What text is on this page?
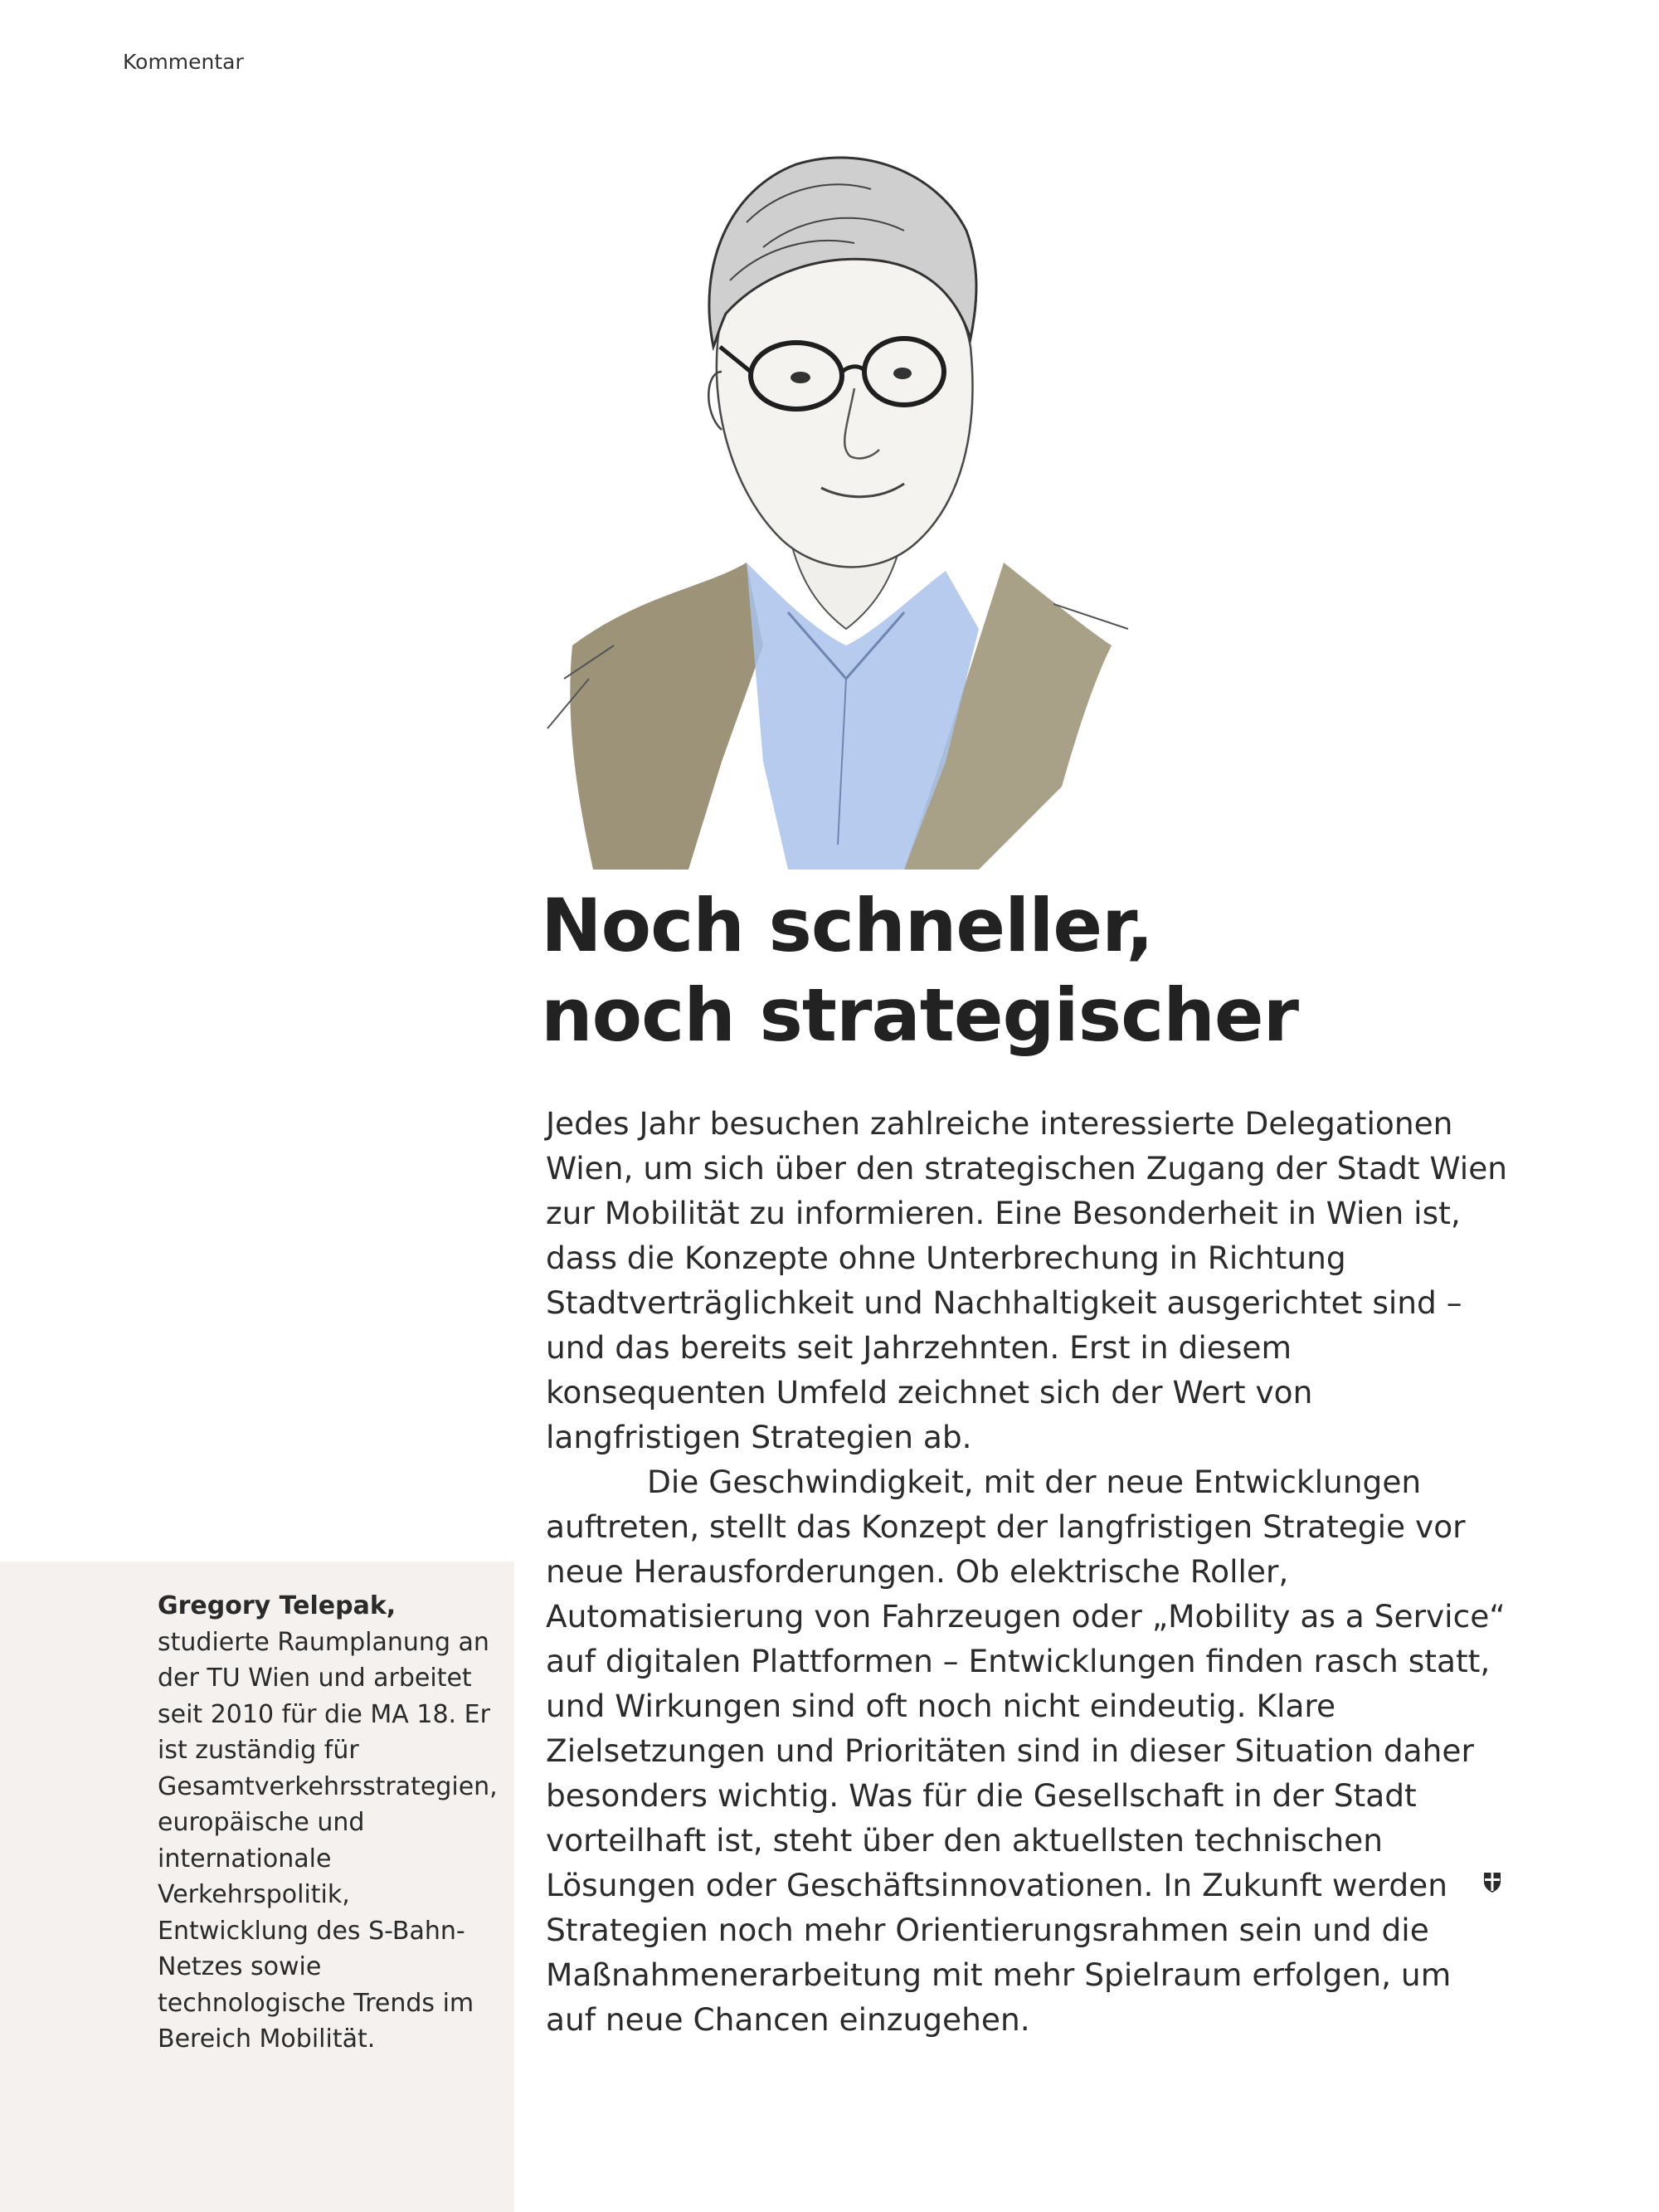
Kommentar
Noch schneller,
noch strategischer

Jedes Jahr besuchen zahlreiche interessierte Delegationen Wien, um sich über den strategischen Zugang der Stadt Wien zur Mobilität zu informieren. Eine Besonderheit in Wien ist, dass die Konzepte ohne Unterbrechung in Richtung Stadtverträglichkeit und Nachhaltigkeit ausgerichtet sind – und das bereits seit Jahrzehnten. Erst in diesem konsequenten Umfeld zeichnet sich der Wert von langfristigen Strategien ab.

Die Geschwindigkeit, mit der neue Entwicklungen auftreten, stellt das Konzept der langfristigen Strategie vor neue Herausforderungen. Ob elektrische Roller, Automatisierung von Fahrzeugen oder „Mobility as a Service“ auf digitalen Plattformen – Entwicklungen finden rasch statt, und Wirkungen sind oft noch nicht eindeutig. Klare Zielsetzungen und Prioritäten sind in dieser Situation daher besonders wichtig. Was für die Gesellschaft in der Stadt vorteilhaft ist, steht über den aktuellsten technischen Lösungen oder Geschäftsinnovationen. In Zukunft werden Strategien noch mehr Orientierungsrahmen sein und die Maßnahmenerarbeitung mit mehr Spielraum erfolgen, um auf neue Chancen einzugehen.

Gregory Telepak,
studierte Raumplanung an der TU Wien und arbeitet seit 2010 für die MA 18. Er ist zuständig für Gesamtverkehrsstrategien, europäische und internationale Verkehrspolitik, Entwicklung des S-Bahn-Netzes sowie technologische Trends im Bereich Mobilität.
